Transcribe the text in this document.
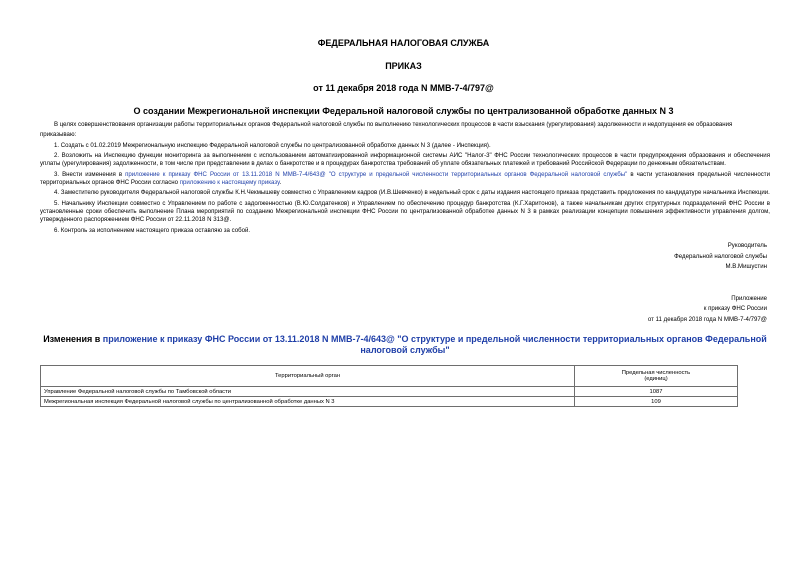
ФЕДЕРАЛЬНАЯ НАЛОГОВАЯ СЛУЖБА
ПРИКАЗ
от 11 декабря 2018 года N ММВ-7-4/797@
О создании Межрегиональной инспекции Федеральной налоговой службы по централизованной обработке данных N 3

В целях совершенствования организации работы территориальных органов Федеральной налоговой службы по выполнению технологических процессов в части взыскания (урегулирования) задолженности и недопущения ее образования

приказываю:

1. Создать с 01.02.2019 Межрегиональную инспекцию Федеральной налоговой службы по централизованной обработке данных N 3 (далее - Инспекция).

2. Возложить на Инспекцию функции мониторинга за выполнением с использованием автоматизированной информационной системы АИС "Налог-3" ФНС России технологических процессов в части предупреждения образования и обеспечения уплаты (урегулирования) задолженности, в том числе при представлении в делах о банкротстве и в процедурах банкротства требований об уплате обязательных платежей и требований Российской Федерации по денежным обязательствам.

3. Внести изменения в приложение к приказу ФНС России от 13.11.2018 N ММВ-7-4/643@ "О структуре и предельной численности территориальных органов Федеральной налоговой службы" в части установления предельной численности территориальных органов ФНС России согласно приложению к настоящему приказу.

4. Заместителю руководителя Федеральной налоговой службы К.Н.Чекмышеву совместно с Управлением кадров (И.В.Шевченко) в недельный срок с даты издания настоящего приказа представить предложения по кандидатуре начальника Инспекции.

5. Начальнику Инспекции совместно с Управлением по работе с задолженностью (В.Ю.Солдатенков) и Управлением по обеспечению процедур банкротства (К.Г.Харитонов), а также начальникам других структурных подразделений ФНС России в установленные сроки обеспечить выполнение Плана мероприятий по созданию Межрегиональной инспекции ФНС России по централизованной обработке данных N 3 в рамках реализации концепции повышения эффективности управления долгом, утвержденного распоряжением ФНС России от 22.11.2018 N 313@.

6. Контроль за исполнением настоящего приказа оставляю за собой.

Руководитель
Федеральной налоговой службы
М.В.Мишустин
Приложение
к приказу ФНС России
от 11 декабря 2018 года N ММВ-7-4/797@
Изменения в приложение к приказу ФНС России от 13.11.2018 N ММВ-7-4/643@ "О структуре и предельной численности территориальных органов Федеральной налоговой службы"
Территориальный орган	Предельная численность
(единиц)
Управление Федеральной налоговой службы по Тамбовской области	1087
Межрегиональная инспекция Федеральной налоговой службы по централизованной обработке данных N 3	109
